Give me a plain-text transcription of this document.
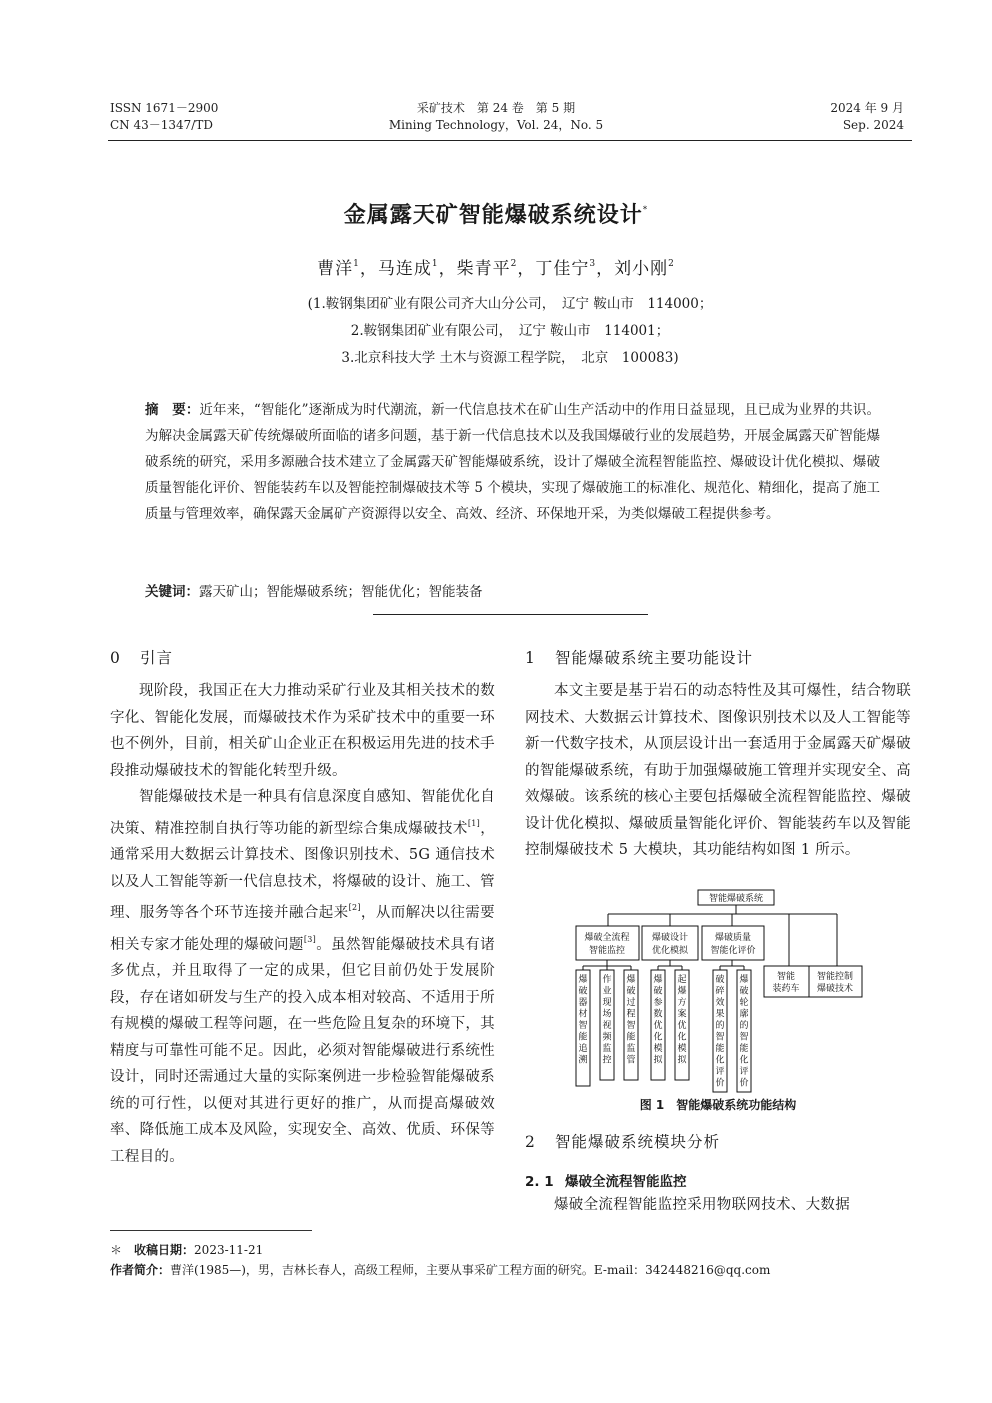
ISSN 1671－2900
CN 43－1347/TD
采矿技术　第 24 卷　第 5 期
Mining Technology，Vol. 24，No. 5
2024 年 9 月
Sep. 2024
金属露天矿智能爆破系统设计*
曹洋$^1$，马连成$^1$，柴青平$^2$，丁佳宁$^3$，刘小刚$^2$
(1.鞍钢集团矿业有限公司齐大山分公司，　辽宁 鞍山市　114000；
2.鞍钢集团矿业有限公司，　辽宁 鞍山市　114001；
3.北京科技大学 土木与资源工程学院，　北京　100083)
摘　要：近年来，“智能化”逐渐成为时代潮流，新一代信息技术在矿山生产活动中的作用日益显现，且已成为业界的共识。为解决金属露天矿传统爆破所面临的诸多问题，基于新一代信息技术以及我国爆破行业的发展趋势，开展金属露天矿智能爆破系统的研究，采用多源融合技术建立了金属露天矿智能爆破系统，设计了爆破全流程智能监控、爆破设计优化模拟、爆破质量智能化评价、智能装药车以及智能控制爆破技术等 5 个模块，实现了爆破施工的标准化、规范化、精细化，提高了施工质量与管理效率，确保露天金属矿产资源得以安全、高效、经济、环保地开采，为类似爆破工程提供参考。
关键词：露天矿山；智能爆破系统；智能优化；智能装备
0 引言

现阶段，我国正在大力推动采矿行业及其相关技术的数字化、智能化发展，而爆破技术作为采矿技术中的重要一环也不例外，目前，相关矿山企业正在积极运用先进的技术手段推动爆破技术的智能化转型升级。

智能爆破技术是一种具有信息深度自感知、智能优化自决策、精准控制自执行等功能的新型综合集成爆破技术[1]，通常采用大数据云计算技术、图像识别技术、5G 通信技术以及人工智能等新一代信息技术，将爆破的设计、施工、管理、服务等各个环节连接并融合起来[2]，从而解决以往需要相关专家才能处理的爆破问题[3]。虽然智能爆破技术具有诸多优点，并且取得了一定的成果，但它目前仍处于发展阶段，存在诸如研发与生产的投入成本相对较高、不适用于所有规模的爆破工程等问题，在一些危险且复杂的环境下，其精度与可靠性可能不足。因此，必须对智能爆破进行系统性设计，同时还需通过大量的实际案例进一步检验智能爆破系统的可行性，以便对其进行更好的推广，从而提高爆破效率、降低施工成本及风险，实现安全、高效、优质、环保等工程目的。

1 智能爆破系统主要功能设计

本文主要是基于岩石的动态特性及其可爆性，结合物联网技术、大数据云计算技术、图像识别技术以及人工智能等新一代数字技术，从顶层设计出一套适用于金属露天矿爆破的智能爆破系统，有助于加强爆破施工管理并实现安全、高效爆破。该系统的核心主要包括爆破全流程智能监控、爆破设计优化模拟、爆破质量智能化评价、智能装药车以及智能控制爆破技术 5 大模块，其功能结构如图 1 所示。

智能爆破系统
爆破全流程
智能监控
爆破设计
优化模拟
爆破质量
智能化评价
智能
装药车
智能控制
爆破技术
爆
破
器
材
智
能
追
溯
作
业
现
场
视
频
监
控
爆
破
过
程
智
能
监
管
爆
破
参
数
优
化
模
拟
起
爆
方
案
优
化
模
拟
破
碎
效
果
的
智
能
化
评
价
爆
破
轮
廓
的
智
能
化
评
价
图 1　智能爆破系统功能结构
2 智能爆破系统模块分析
2. 1 爆破全流程智能监控
爆破全流程智能监控采用物联网技术、大数据
＊　 收稿日期：2023-11-21
作者简介：曹洋(1985—)，男，吉林长春人，高级工程师，主要从事采矿工程方面的研究。E-mail：342448216@qq.com
